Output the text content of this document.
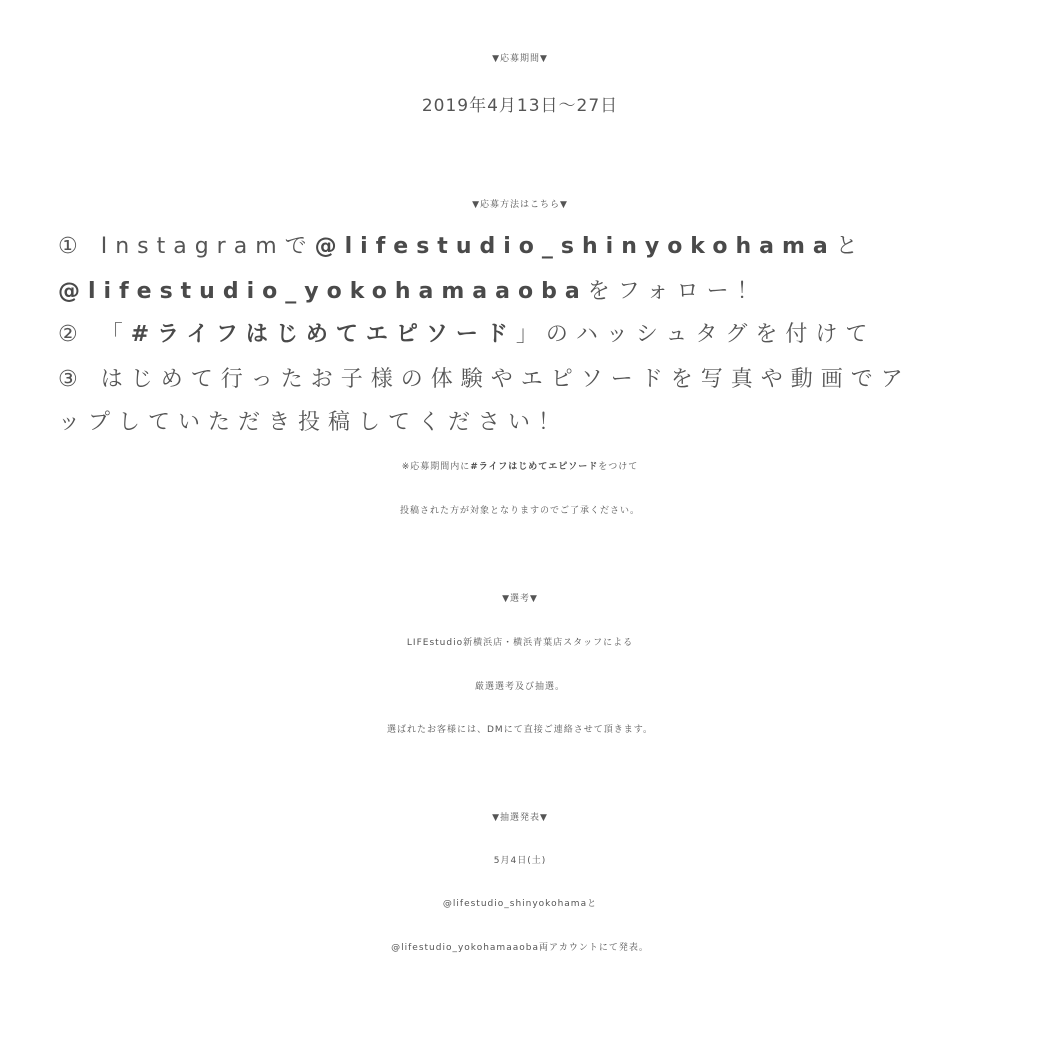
▼応募期間▼
2019年4月13日～27日
▼応募方法はこちら▼
① Instagramで@lifestudio_shinyokohamaと
@lifestudio_yokohamaaobaをフォロー！
② 「#ライフはじめてエピソード」のハッシュタグを付けて
③ はじめて行ったお子様の体験やエピソードを写真や動画でア
ップしていただき投稿してください！
※応募期間内に#ライフはじめてエピソードをつけて
投稿された方が対象となりますのでご了承ください。
▼選考▼
LIFEstudio新横浜店・横浜青葉店スタッフによる
厳選選考及び抽選。
選ばれたお客様には、DMにて直接ご連絡させて頂きます。
▼抽選発表▼
5月4日(土)
@lifestudio_shinyokohamaと
@lifestudio_yokohamaaoba両アカウントにて発表。
